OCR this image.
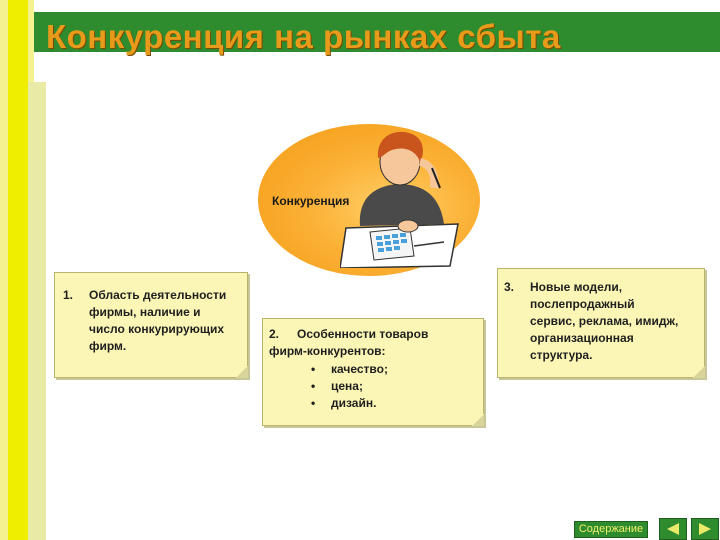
Конкуренция на рынках сбыта
Конкуренция
1. Область деятельности
фирмы, наличие и
число конкурирующих
фирм.
2. Особенности товаров
фирм-конкурентов:
• качество;
• цена;
• дизайн.
3. Новые модели,
послепродажный
сервис, реклама, имидж,
организационная
структура.
Содержание
